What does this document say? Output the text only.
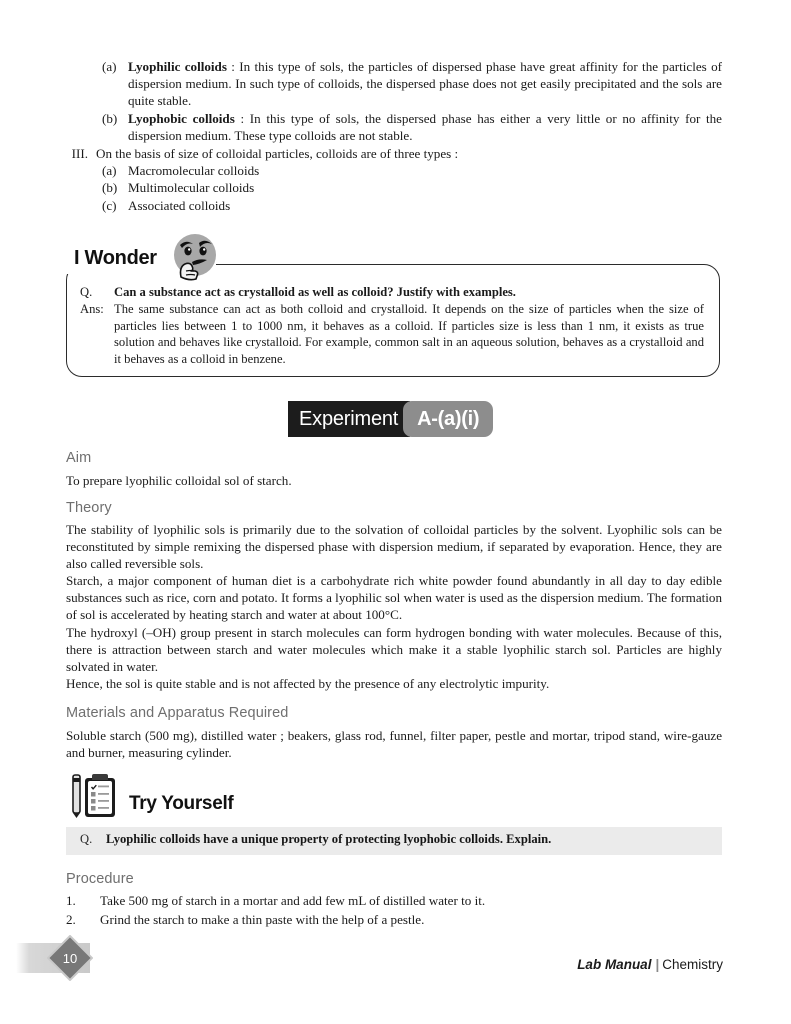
(a) Lyophilic colloids : In this type of sols, the particles of dispersed phase have great affinity for the particles of dispersion medium. In such type of colloids, the dispersed phase does not get easily precipitated and the sols are quite stable.
(b) Lyophobic colloids : In this type of sols, the dispersed phase has either a very little or no affinity for the dispersion medium. These type colloids are not stable.
III. On the basis of size of colloidal particles, colloids are of three types :
(a) Macromolecular colloids
(b) Multimolecular colloids
(c) Associated colloids
I Wonder
Q.	Can a substance act as crystalloid as well as colloid? Justify with examples.
Ans: The same substance can act as both colloid and crystalloid. It depends on the size of particles when the size of particles lies between 1 to 1000 nm, it behaves as a colloid. If particles size is less than 1 nm, it exists as true solution and behaves like crystalloid. For example, common salt in an aqueous solution, behaves as a crystalloid and it behaves as a colloid in benzene.
Experiment A-(a)(i)
Aim
To prepare lyophilic colloidal sol of starch.
Theory
The stability of lyophilic sols is primarily due to the solvation of colloidal particles by the solvent. Lyophilic sols can be reconstituted by simple remixing the dispersed phase with dispersion medium, if separated by evaporation. Hence, they are also called reversible sols.
Starch, a major component of human diet is a carbohydrate rich white powder found abundantly in all day to day edible substances such as rice, corn and potato. It forms a lyophilic sol when water is used as the dispersion medium. The formation of sol is accelerated by heating starch and water at about 100°C.
The hydroxyl (–OH) group present in starch molecules can form hydrogen bonding with water molecules. Because of this, there is attraction between starch and water molecules which make it a stable lyophilic starch sol. Particles are highly solvated in water.
Hence, the sol is quite stable and is not affected by the presence of any electrolytic impurity.
Materials and Apparatus Required
Soluble starch (500 mg), distilled water ; beakers, glass rod, funnel, filter paper, pestle and mortar, tripod stand, wire-gauze and burner, measuring cylinder.
Try Yourself
Q.	Lyophilic colloids have a unique property of protecting lyophobic colloids. Explain.
Procedure
1.	Take 500 mg of starch in a mortar and add few mL of distilled water to it.
2.	Grind the starch to make a thin paste with the help of a pestle.
10	Lab Manual | Chemistry
